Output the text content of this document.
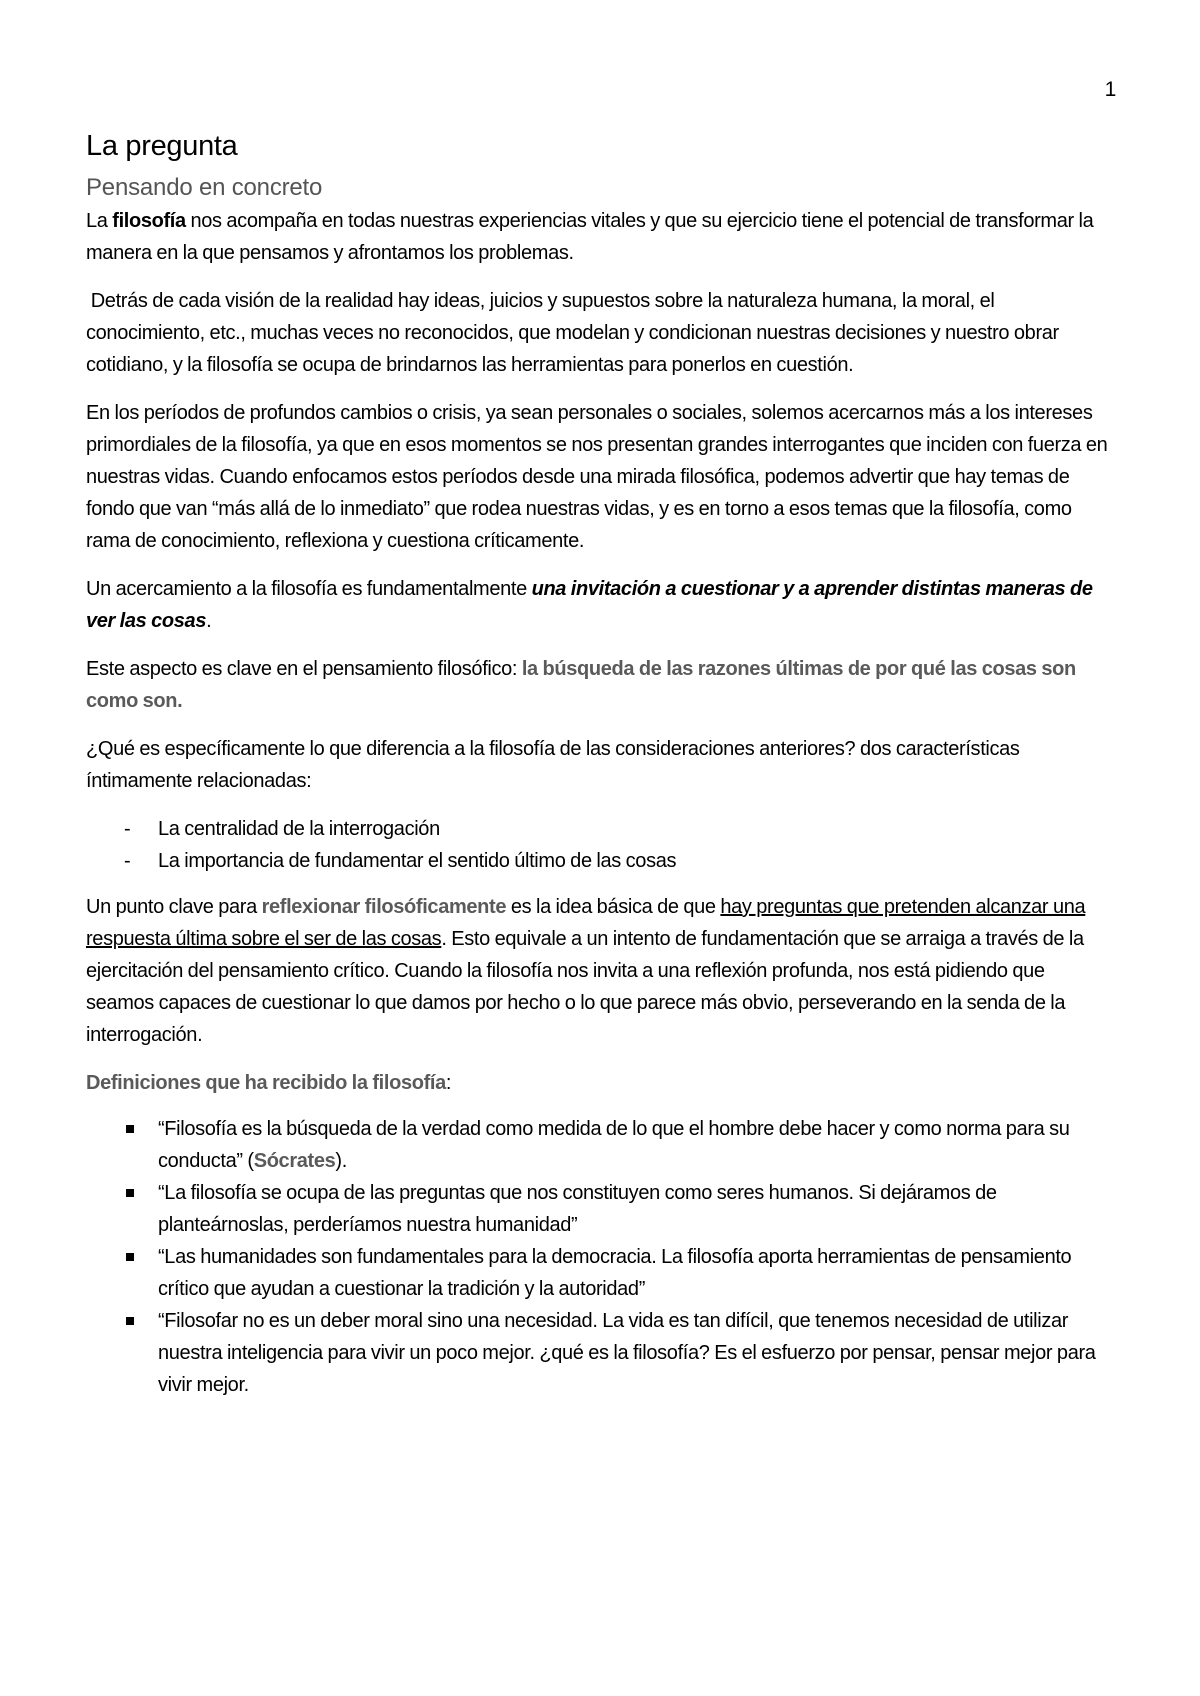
1

La pregunta
Pensando en concreto

La filosofía nos acompaña en todas nuestras experiencias vitales y que su ejercicio tiene el potencial de transformar la manera en la que pensamos y afrontamos los problemas.

Detrás de cada visión de la realidad hay ideas, juicios y supuestos sobre la naturaleza humana, la moral, el conocimiento, etc., muchas veces no reconocidos, que modelan y condicionan nuestras decisiones y nuestro obrar cotidiano, y la filosofía se ocupa de brindarnos las herramientas para ponerlos en cuestión.

En los períodos de profundos cambios o crisis, ya sean personales o sociales, solemos acercarnos más a los intereses primordiales de la filosofía, ya que en esos momentos se nos presentan grandes interrogantes que inciden con fuerza en nuestras vidas. Cuando enfocamos estos períodos desde una mirada filosófica, podemos advertir que hay temas de fondo que van “más allá de lo inmediato” que rodea nuestras vidas, y es en torno a esos temas que la filosofía, como rama de conocimiento, reflexiona y cuestiona críticamente.

Un acercamiento a la filosofía es fundamentalmente una invitación a cuestionar y a aprender distintas maneras de ver las cosas.

Este aspecto es clave en el pensamiento filosófico: la búsqueda de las razones últimas de por qué las cosas son como son.

¿Qué es específicamente lo que diferencia a la filosofía de las consideraciones anteriores? dos características íntimamente relacionadas:

- La centralidad de la interrogación
- La importancia de fundamentar el sentido último de las cosas

Un punto clave para reflexionar filosóficamente es la idea básica de que hay preguntas que pretenden alcanzar una respuesta última sobre el ser de las cosas. Esto equivale a un intento de fundamentación que se arraiga a través de la ejercitación del pensamiento crítico. Cuando la filosofía nos invita a una reflexión profunda, nos está pidiendo que seamos capaces de cuestionar lo que damos por hecho o lo que parece más obvio, perseverando en la senda de la interrogación.

Definiciones que ha recibido la filosofía:

“Filosofía es la búsqueda de la verdad como medida de lo que el hombre debe hacer y como norma para su conducta” (Sócrates).
“La filosofía se ocupa de las preguntas que nos constituyen como seres humanos. Si dejáramos de planteárnoslas, perderíamos nuestra humanidad”
“Las humanidades son fundamentales para la democracia. La filosofía aporta herramientas de pensamiento crítico que ayudan a cuestionar la tradición y la autoridad”
“Filosofar no es un deber moral sino una necesidad. La vida es tan difícil, que tenemos necesidad de utilizar nuestra inteligencia para vivir un poco mejor. ¿qué es la filosofía? Es el esfuerzo por pensar, pensar mejor para vivir mejor.
